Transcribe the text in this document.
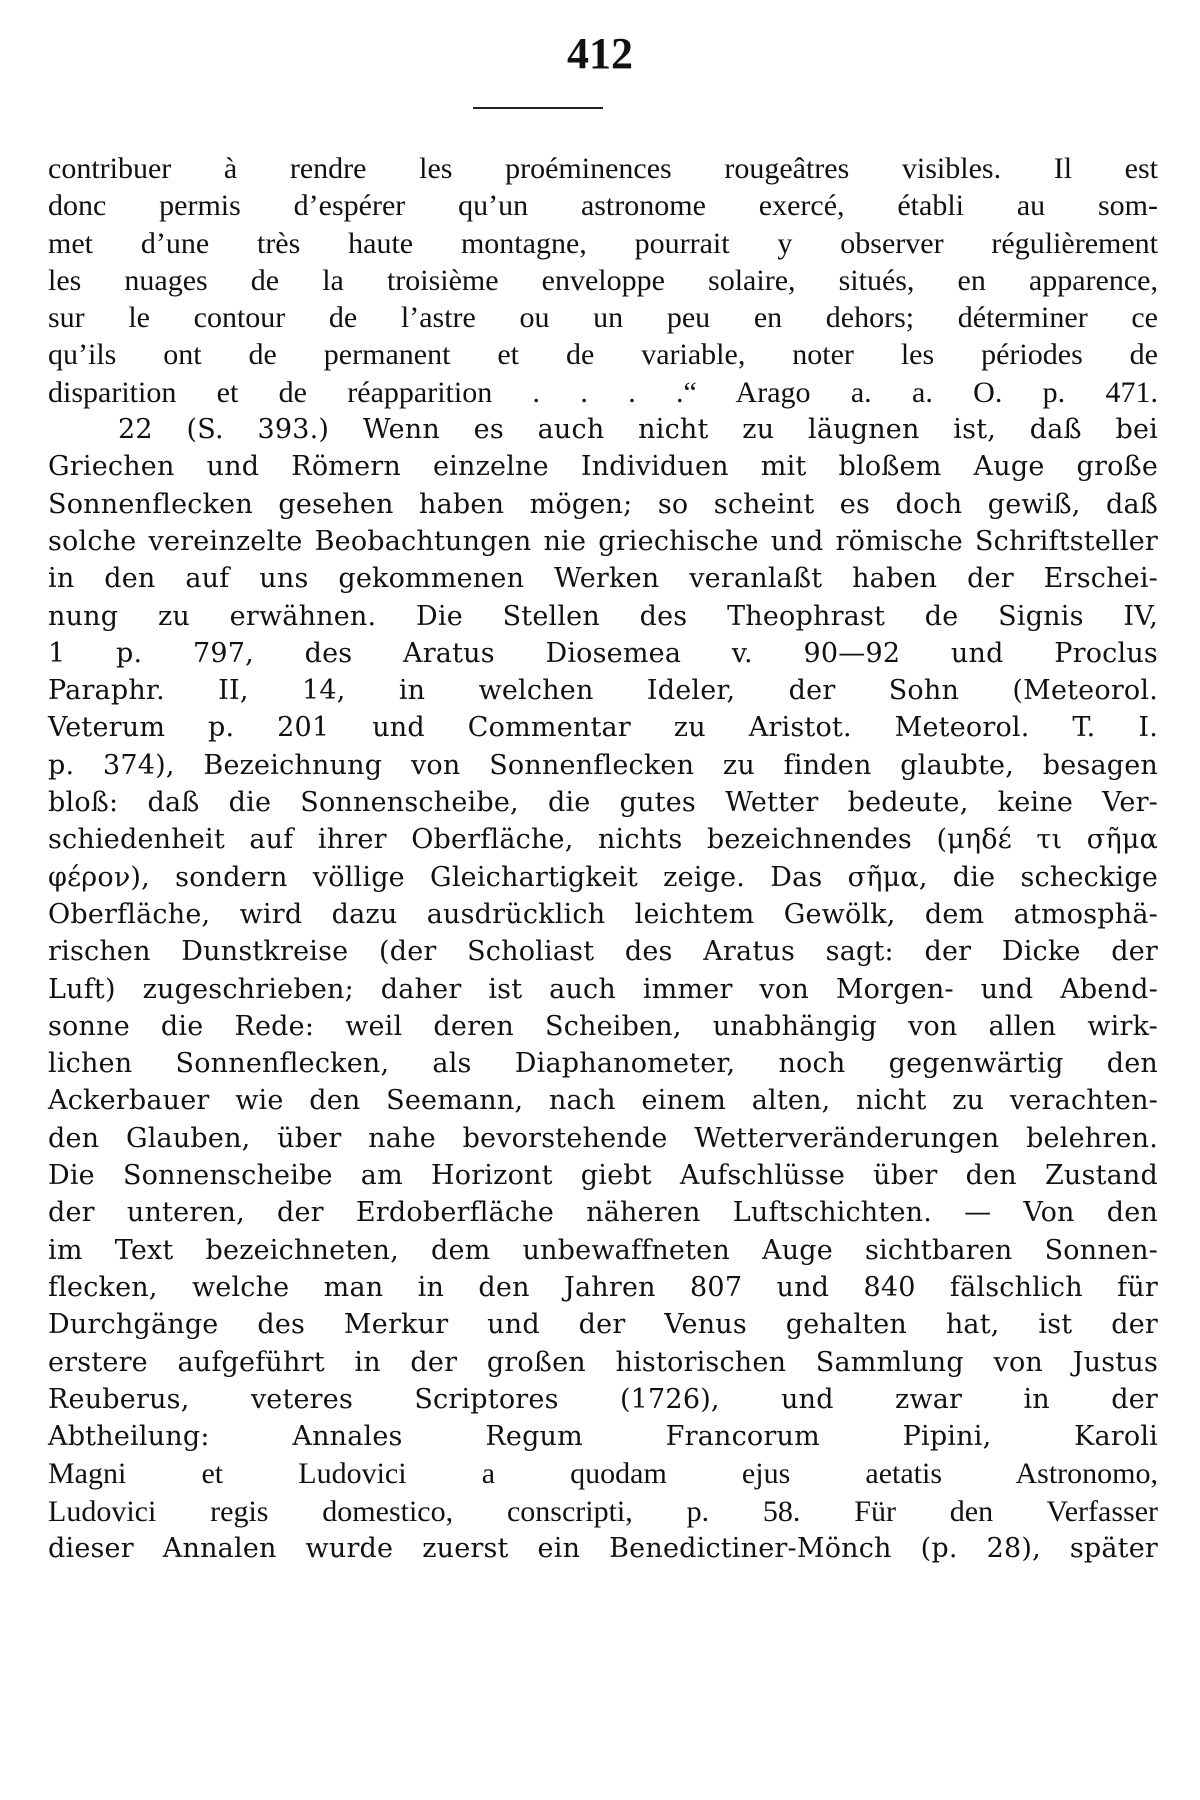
412
contribuer à rendre les proéminences rougeâtres visibles. Il est
donc permis d’espérer qu’un astronome exercé, établi au som-
met d’une très haute montagne, pourrait y observer régulièrement
les nuages de la troisième enveloppe solaire, situés, en apparence,
sur le contour de l’astre ou un peu en dehors; déterminer ce
qu’ils ont de permanent et de variable, noter les périodes de
disparition et de réapparition . . . .“ Arago a. a. O. p. 471.
22 (S. 393.) Wenn es auch nicht zu läugnen ist, daß bei
Griechen und Römern einzelne Individuen mit bloßem Auge große
Sonnenflecken gesehen haben mögen; so scheint es doch gewiß, daß
solche vereinzelte Beobachtungen nie griechische und römische Schriftsteller
in den auf uns gekommenen Werken veranlaßt haben der Erschei-
nung zu erwähnen. Die Stellen des Theophrast de Signis IV,
1 p. 797, des Aratus Diosemea v. 90—92 und Proclus
Paraphr. II, 14, in welchen Ideler, der Sohn (Meteorol.
Veterum p. 201 und Commentar zu Aristot. Meteorol. T. I.
p. 374), Bezeichnung von Sonnenflecken zu finden glaubte, besagen
bloß: daß die Sonnenscheibe, die gutes Wetter bedeute, keine Ver-
schiedenheit auf ihrer Oberfläche, nichts bezeichnendes (μηδέ τι σῆμα
φέρον), sondern völlige Gleichartigkeit zeige. Das σῆμα, die scheckige
Oberfläche, wird dazu ausdrücklich leichtem Gewölk, dem atmosphä-
rischen Dunstkreise (der Scholiast des Aratus sagt: der Dicke der
Luft) zugeschrieben; daher ist auch immer von Morgen- und Abend-
sonne die Rede: weil deren Scheiben, unabhängig von allen wirk-
lichen Sonnenflecken, als Diaphanometer, noch gegenwärtig den
Ackerbauer wie den Seemann, nach einem alten, nicht zu verachten-
den Glauben, über nahe bevorstehende Wetterveränderungen belehren.
Die Sonnenscheibe am Horizont giebt Aufschlüsse über den Zustand
der unteren, der Erdoberfläche näheren Luftschichten. — Von den
im Text bezeichneten, dem unbewaffneten Auge sichtbaren Sonnen-
flecken, welche man in den Jahren 807 und 840 fälschlich für
Durchgänge des Merkur und der Venus gehalten hat, ist der
erstere aufgeführt in der großen historischen Sammlung von Justus
Reuberus, veteres Scriptores (1726), und zwar in der
Abtheilung: Annales Regum Francorum Pipini, Karoli
Magni et Ludovici a quodam ejus aetatis Astronomo,
Ludovici regis domestico, conscripti, p. 58. Für den Verfasser
dieser Annalen wurde zuerst ein Benedictiner-Mönch (p. 28), später
